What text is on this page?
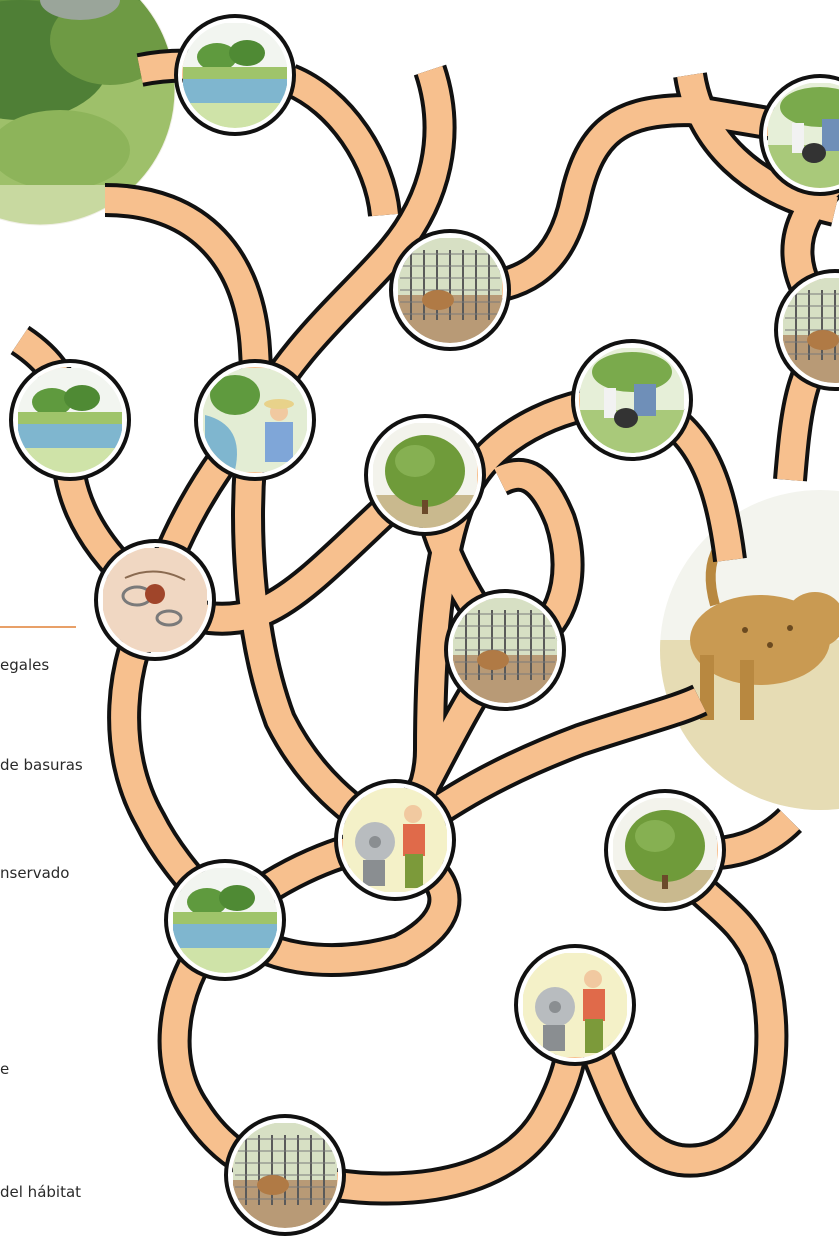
egales
de basuras
nservado
e
del hábitat
